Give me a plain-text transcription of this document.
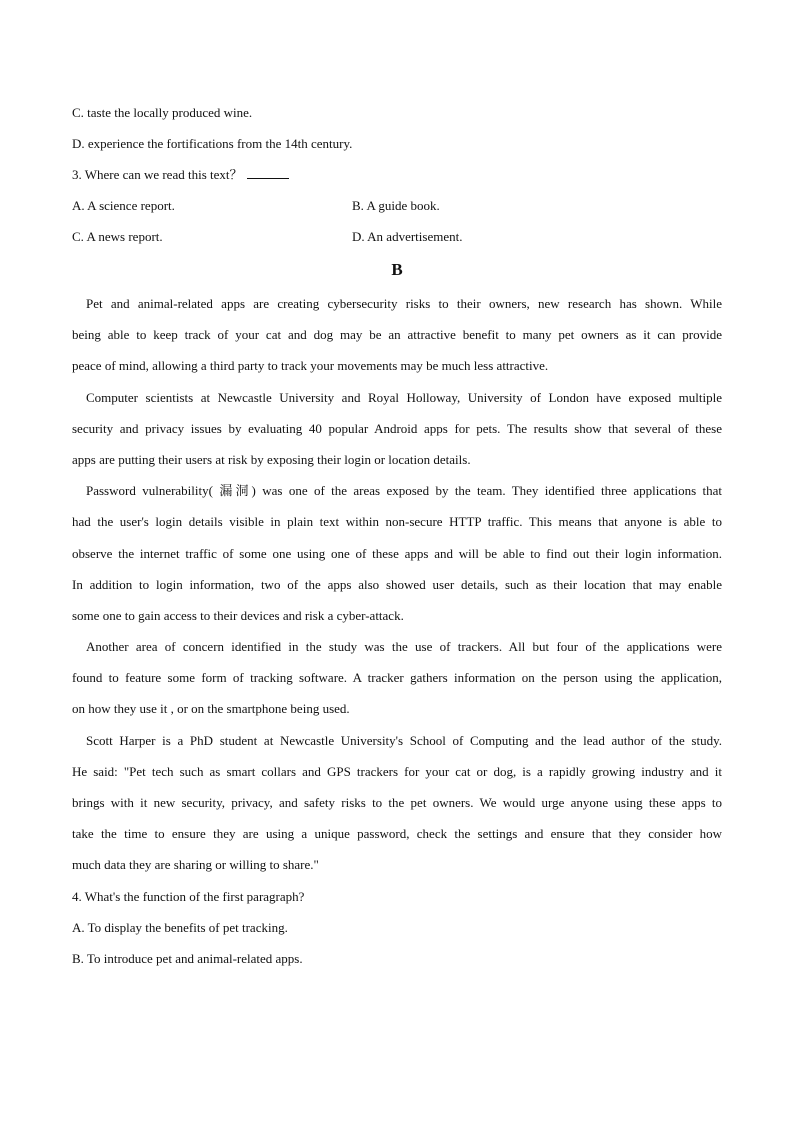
C. taste the locally produced wine.
D. experience the fortifications from the 14th century.
3. Where can we read this text？
A. A science report.	B. A guide book.
C. A news report.	D. An advertisement.
B
Pet and animal-related apps are creating cybersecurity risks to their owners, new research has shown. While
being able to keep track of your cat and dog may be an attractive benefit to many pet owners as it can provide
peace of mind, allowing a third party to track your movements may be much less attractive.
Computer scientists at Newcastle University and Royal Holloway, University of London have exposed multiple
security and privacy issues by evaluating 40 popular Android apps for pets. The results show that several of these
apps are putting their users at risk by exposing their login or location details.
Password vulnerability( 漏洞) was one of the areas exposed by the team. They identified three applications that
had the user's login details visible in plain text within non-secure HTTP traffic. This means that anyone is able to
observe the internet traffic of some one using one of these apps and will be able to find out their login information.
In addition to login information, two of the apps also showed user details, such as their location that may enable
some one to gain access to their devices and risk a cyber-attack.
Another area of concern identified in the study was the use of trackers. All but four of the applications were
found to feature some form of tracking software. A tracker gathers information on the person using the application,
on how they use it , or on the smartphone being used.
Scott Harper is a PhD student at Newcastle University's School of Computing and the lead author of the study.
He said: "Pet tech such as smart collars and GPS trackers for your cat or dog, is a rapidly growing industry and it
brings with it new security, privacy, and safety risks to the pet owners. We would urge anyone using these apps to
take the time to ensure they are using a unique password, check the settings and ensure that they consider how
much data they are sharing or willing to share."
4. What's the function of the first paragraph?
A. To display the benefits of pet tracking.
B. To introduce pet and animal-related apps.
